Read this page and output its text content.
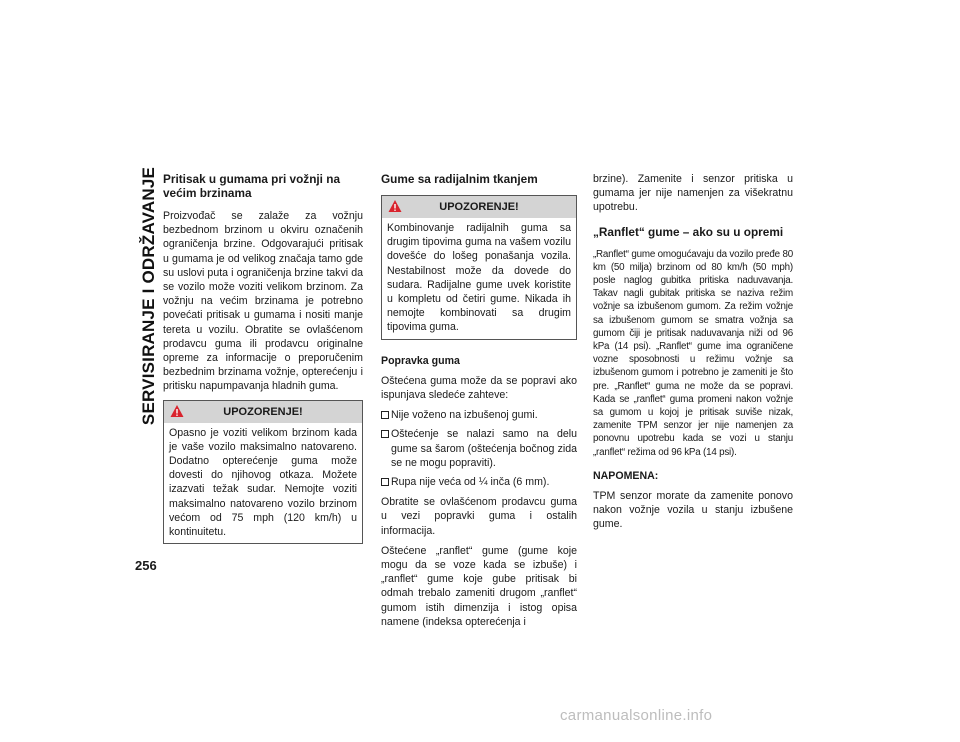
SERVISIRANJE I ODRŽAVANJE
256
Pritisak u gumama pri vožnji na većim brzinama

Proizvođač se zalaže za vožnju bezbednom brzinom u okviru označenih ograničenja brzine. Odgovarajući pritisak u gumama je od velikog značaja tamo gde su uslovi puta i ograničenja brzine takvi da se vozilo može voziti velikom brzinom. Za vožnju na većim brzinama je potrebno povećati pritisak u gumama i nositi manje tereta u vozilu. Obratite se ovlašćenom prodavcu guma ili prodavcu originalne opreme za informacije o preporučenim bezbednim brzinama vožnje, opterećenju i pritisku napumpavanja hladnih guma.

UPOZORENJE!
Opasno je voziti velikom brzinom kada je vaše vozilo maksimalno natovareno. Dodatno opterećenje guma može dovesti do njihovog otkaza. Možete izazvati težak sudar. Nemojte voziti maksimalno natovareno vozilo brzinom većom od 75 mph (120 km/h) u kontinuitetu.
Gume sa radijalnim tkanjem
UPOZORENJE!
Kombinovanje radijalnih guma sa drugim tipovima guma na vašem vozilu dovešće do lošeg ponašanja vozila. Nestabilnost može da dovede do sudara. Radijalne gume uvek koristite u kompletu od četiri gume. Nikada ih nemojte kombinovati sa drugim tipovima guma.

Popravka guma

Oštećena guma može da se popravi ako ispunjava sledeće zahteve:

Nije voženo na izbušenoj gumi.
Oštećenje se nalazi samo na delu gume sa šarom (oštećenja bočnog zida se ne mogu popraviti).
Rupa nije veća od ¼ inča (6 mm).

Obratite se ovlašćenom prodavcu guma u vezi popravki guma i ostalih informacija.

Oštećene „ranflet“ gume (gume koje mogu da se voze kada se izbuše) i „ranflet“ gume koje gube pritisak bi odmah trebalo zameniti drugom „ranflet“ gumom istih dimenzija i istog opisa namene (indeksa opterećenja i

brzine). Zamenite i senzor pritiska u gumama jer nije namenjen za višekratnu upotrebu.

„Ranflet“ gume – ako su u opremi

„Ranflet“ gume omogućavaju da vozilo pređe 80 km (50 milja) brzinom od 80 km/h (50 mph) posle naglog gubitka pritiska naduvavanja. Takav nagli gubitak pritiska se naziva režim vožnje sa izbušenom gumom. Za režim vožnje sa izbušenom gumom se smatra vožnja sa gumom čiji je pritisak naduvavanja niži od 96 kPa (14 psi). „Ranflet“ gume ima ograničene vozne sposobnosti u režimu vožnje sa izbušenom gumom i potrebno je zameniti je što pre. „Ranflet“ guma ne može da se popravi. Kada se „ranflet“ guma promeni nakon vožnje sa gumom u kojoj je pritisak suviše nizak, zamenite TPM senzor jer nije namenjen za ponovnu upotrebu kada se vozi u stanju „ranflet“ režima od 96 kPa (14 psi).

NAPOMENA:

TPM senzor morate da zamenite ponovo nakon vožnje vozila u stanju izbušene gume.

carmanualsonline.info
